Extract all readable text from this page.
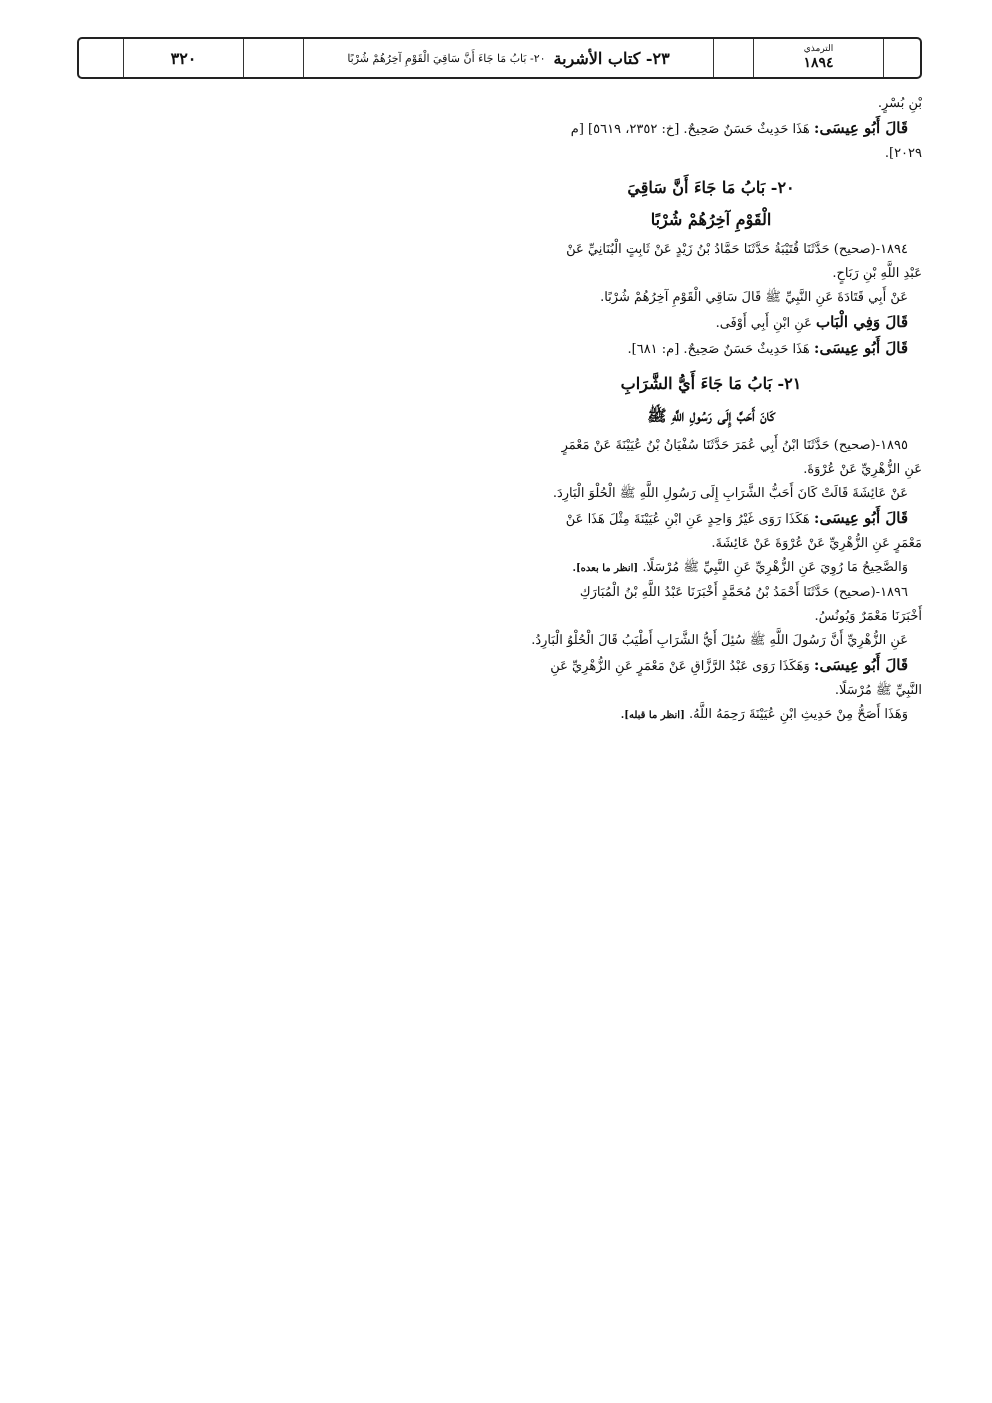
٣٢٠	٢٣- كتاب الأشربة
٢٠- بَابُ مَا جَاءَ أَنَّ سَاقِيَ الْقَوْمِ آخِرُهُمْ شُرْبًا
الترمذي
١٨٩٤

بْنِ بُسْرٍ.

قَالَ أَبُو عِيسَى: هَذَا حَدِيثٌ حَسَنٌ صَحِيحٌ. [خ: ٢٣٥٢، ٥٦١٩] [م

٢٠٢٩].

٢٠- بَابُ مَا جَاءَ أَنَّ سَاقِيَ
الْقَوْمِ آخِرُهُمْ شُرْبًا

١٨٩٤-(صحيح) حَدَّثَنَا قُتَيْبَةُ حَدَّثَنَا حَمَّادُ بْنُ زَيْدٍ عَنْ ثَابِتٍ الْبُنَانِيِّ عَنْ

عَبْدِ اللَّهِ بْنِ رَبَاحٍ.

عَنْ أَبِي قَتَادَةَ عَنِ النَّبِيِّ ﷺ قَالَ سَاقِي الْقَوْمِ آخِرُهُمْ شُرْبًا.

قَالَ وَفِي الْبَاب عَنِ ابْنِ أَبِي أَوْفَى.

قَالَ أَبُو عِيسَى: هَذَا حَدِيثٌ حَسَنٌ صَحِيحٌ. [م: ٦٨١].

٢١- بَابُ مَا جَاءَ أَيُّ الشَّرَابِ
كَانَ أَحَبَّ إِلَى رَسُولِ اللَّهِ ﷺ

١٨٩٥-(صحيح) حَدَّثَنَا ابْنُ أَبِي عُمَرَ حَدَّثَنَا سُفْيَانُ بْنُ عُيَيْنَةَ عَنْ مَعْمَرٍ

عَنِ الزُّهْرِيِّ عَنْ عُرْوَةَ.

عَنْ عَائِشَةَ قَالَتْ كَانَ أَحَبُّ الشَّرَابِ إِلَى رَسُولِ اللَّهِ ﷺ الْحُلْوَ الْبَارِدَ.

قَالَ أَبُو عِيسَى: هَكَذَا رَوَى غَيْرُ وَاحِدٍ عَنِ ابْنِ عُيَيْنَةَ مِثْلَ هَذَا عَنْ

مَعْمَرٍ عَنِ الزُّهْرِيِّ عَنْ عُرْوَةَ عَنْ عَائِشَةَ.

وَالصَّحِيحُ مَا رُوِيَ عَنِ الزُّهْرِيِّ عَنِ النَّبِيِّ ﷺ مُرْسَلًا. [انظر ما بعده].

١٨٩٦-(صحيح) حَدَّثَنَا أَحْمَدُ بْنُ مُحَمَّدٍ أَخْبَرَنَا عَبْدُ اللَّهِ بْنُ الْمُبَارَكِ

أَخْبَرَنَا مَعْمَرٌ وَيُونُسُ.

عَنِ الزُّهْرِيِّ أَنَّ رَسُولَ اللَّهِ ﷺ سُئِلَ أَيُّ الشَّرَابِ أَطْيَبُ قَالَ الْحُلْوُ الْبَارِدُ.

قَالَ أَبُو عِيسَى: وَهَكَذَا رَوَى عَبْدُ الرَّزَّاقِ عَنْ مَعْمَرٍ عَنِ الزُّهْرِيِّ عَنِ

النَّبِيِّ ﷺ مُرْسَلًا.

وَهَذَا أَصَحُّ مِنْ حَدِيثِ ابْنِ عُيَيْنَةَ رَحِمَهُ اللَّهُ. [انظر ما قبله].
